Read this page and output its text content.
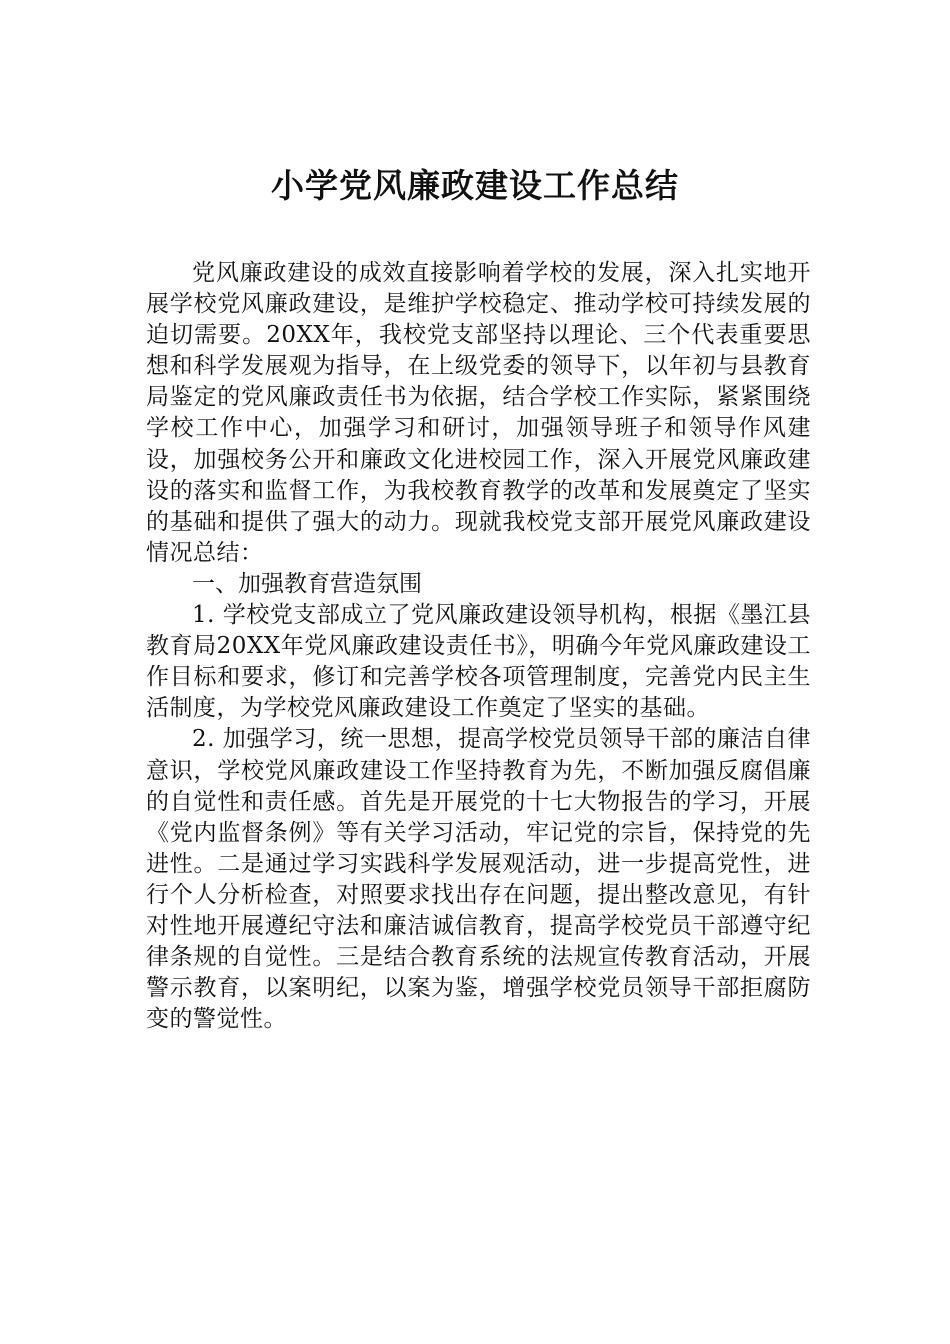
小学党风廉政建设工作总结

党风廉政建设的成效直接影响着学校的发展，深入扎实地开展学校党风廉政建设，是维护学校稳定、推动学校可持续发展的迫切需要。20XX年，我校党支部坚持以理论、三个代表重要思想和科学发展观为指导，在上级党委的领导下，以年初与县教育局鉴定的党风廉政责任书为依据，结合学校工作实际，紧紧围绕学校工作中心，加强学习和研讨，加强领导班子和领导作风建设，加强校务公开和廉政文化进校园工作，深入开展党风廉政建设的落实和监督工作，为我校教育教学的改革和发展奠定了坚实的基础和提供了强大的动力。现就我校党支部开展党风廉政建设情况总结：

一、加强教育营造氛围

1. 学校党支部成立了党风廉政建设领导机构，根据《墨江县教育局20XX年党风廉政建设责任书》，明确今年党风廉政建设工作目标和要求，修订和完善学校各项管理制度，完善党内民主生活制度，为学校党风廉政建设工作奠定了坚实的基础。

2. 加强学习，统一思想，提高学校党员领导干部的廉洁自律意识，学校党风廉政建设工作坚持教育为先，不断加强反腐倡廉的自觉性和责任感。首先是开展党的十七大物报告的学习，开展《党内监督条例》等有关学习活动，牢记党的宗旨，保持党的先进性。二是通过学习实践科学发展观活动，进一步提高党性，进行个人分析检查，对照要求找出存在问题，提出整改意见，有针对性地开展遵纪守法和廉洁诚信教育，提高学校党员干部遵守纪律条规的自觉性。三是结合教育系统的法规宣传教育活动，开展警示教育，以案明纪，以案为鉴，增强学校党员领导干部拒腐防变的警觉性。
